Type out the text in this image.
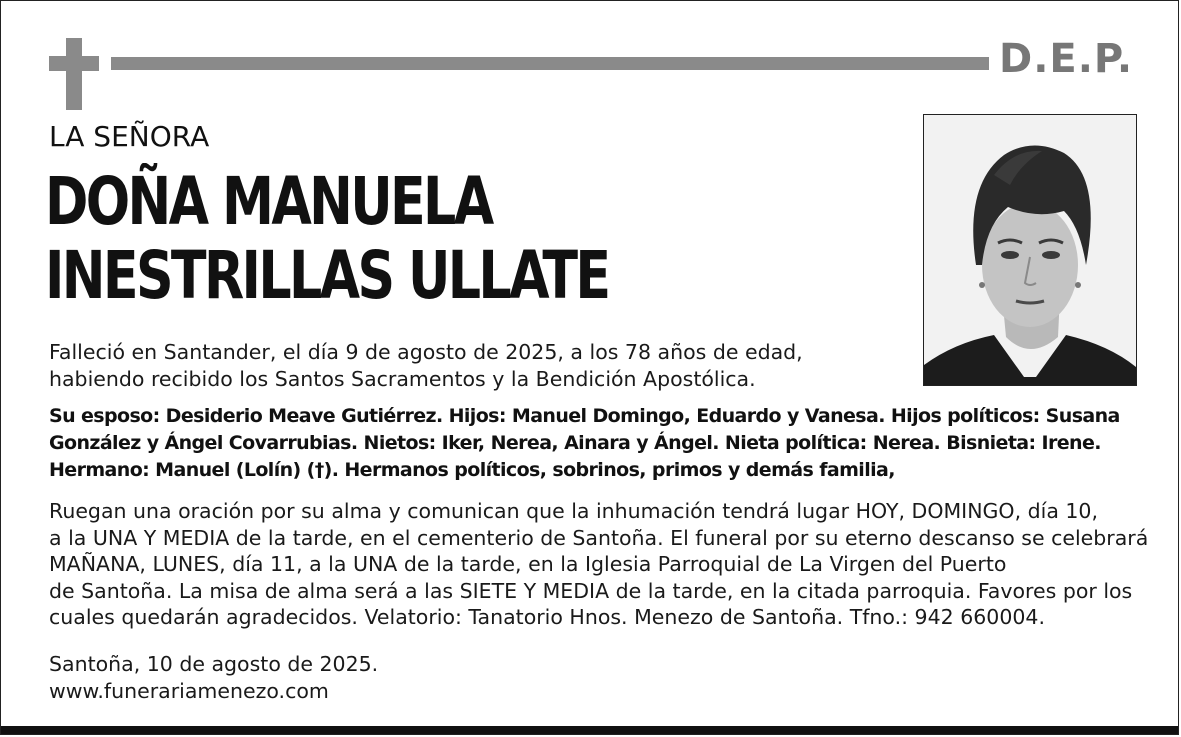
D.E.P.
LA SEÑORA
DOÑA MANUELA
INESTRILLAS ULLATE
Falleció en Santander, el día 9 de agosto de 2025, a los 78 años de edad,
habiendo recibido los Santos Sacramentos y la Bendición Apostólica.
Su esposo: Desiderio Meave Gutiérrez. Hijos: Manuel Domingo, Eduardo y Vanesa. Hijos políticos: Susana
González y Ángel Covarrubias. Nietos: Iker, Nerea, Ainara y Ángel. Nieta política: Nerea. Bisnieta: Irene.
Hermano: Manuel (Lolín) (†). Hermanos políticos, sobrinos, primos y demás familia,
Ruegan una oración por su alma y comunican que la inhumación tendrá lugar HOY, DOMINGO, día 10,
a la UNA Y MEDIA de la tarde, en el cementerio de Santoña. El funeral por su eterno descanso se celebrará
MAÑANA, LUNES, día 11, a la UNA de la tarde, en la Iglesia Parroquial de La Virgen del Puerto
de Santoña. La misa de alma será a las SIETE Y MEDIA de la tarde, en la citada parroquia. Favores por los
cuales quedarán agradecidos. Velatorio: Tanatorio Hnos. Menezo de Santoña. Tfno.: 942 660004.
Santoña, 10 de agosto de 2025.
www.funerariamenezo.com
